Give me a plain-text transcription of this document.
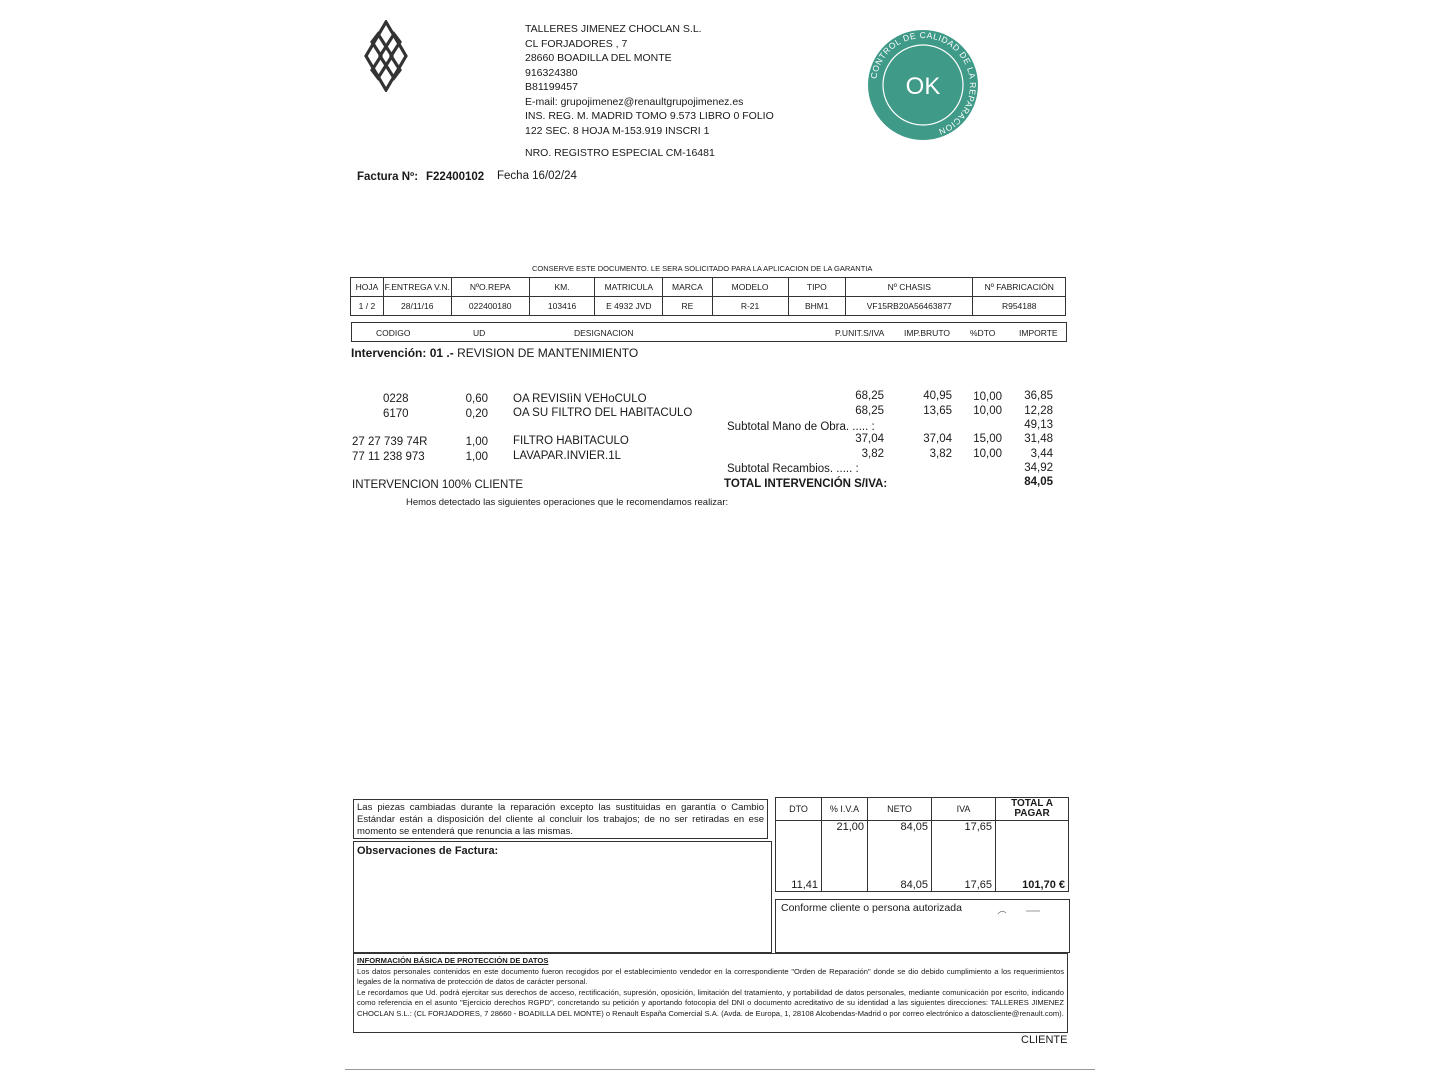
TALLERES JIMENEZ CHOCLAN S.L.
CL FORJADORES , 7
28660 BOADILLA DEL MONTE
916324380
B81199457
E-mail: grupojimenez@renaultgrupojimenez.es
INS. REG. M. MADRID TOMO 9.573 LIBRO 0 FOLIO
122 SEC. 8 HOJA M-153.919 INSCRI 1
NRO. REGISTRO ESPECIAL CM-16481
CONTROL DE CALIDAD DE LA REPARACION
OK
Factura Nº: F22400102 Fecha 16/02/24
CONSERVE ESTE DOCUMENTO. LE SERA SOLICITADO PARA LA APLICACION DE LA GARANTIA
HOJA	F.ENTREGA V.N.	NºO.REPA	KM.	MATRICULA	MARCA	MODELO	TIPO	Nº CHASIS	Nº FABRICACIÓN
1 / 2	28/11/16	022400180	103416	E 4932 JVD	RE	R-21	BHM1	VF15RB20A56463877	R954188
CODIGO	UD	DESIGNACION	P.UNIT.S/IVA IMP.BRUTO %DTO	IMPORTE
Intervención: 01 .- REVISION DE MANTENIMIENTO
0228	0,60 OA REVISIìN VEHoCULO	68,25	40,95	10,00	36,85
6170	0,20 OA SU FILTRO DEL HABITACULO	68,25	13,65	10,00	12,28
Subtotal Mano de Obra. ..... :	49,13
27 27 739 74R	1,00 FILTRO HABITACULO	37,04	37,04	15,00	31,48
77 11 238 973	1,00 LAVAPAR.INVIER.1L	3,82	3,82	10,00	3,44
Subtotal Recambios. ..... :	34,92
INTERVENCION 100% CLIENTE	TOTAL INTERVENCIÓN S/IVA:	84,05
Hemos detectado las siguientes operaciones que le recomendamos realizar:
Las piezas cambiadas durante la reparación excepto las sustituidas en garantía o Cambio Estándar están a disposición del cliente al concluir los trabajos; de no ser retiradas en ese momento se entenderá que renuncia a las mismas.
Observaciones de Factura:
DTO	% I.V.A	NETO	IVA	TOTAL A PAGAR
	21,00	84,05	17,65	
11,41		84,05	17,65	101,70 €
Conforme cliente o persona autorizada
INFORMACIÓN BÁSICA DE PROTECCIÓN DE DATOS
Los datos personales contenidos en este documento fueron recogidos por el establecimiento vendedor en la correspondiente "Orden de Reparación" donde se dio debido cumplimiento a los requerimientos legales de la normativa de protección de datos de carácter personal.
Le recordamos que Ud. podrá ejercitar sus derechos de acceso, rectificación, supresión, oposición, limitación del tratamiento, y portabilidad de datos personales, mediante comunicación por escrito, indicando como referencia en el asunto "Ejercicio derechos RGPD", concretando su petición y aportando fotocopia del DNI o documento acreditativo de su identidad a las siguientes direcciones: TALLERES JIMENEZ CHOCLAN S.L.: (CL FORJADORES, 7 28660 - BOADILLA DEL MONTE) o Renault España Comercial S.A. (Avda. de Europa, 1, 28108 Alcobendas-Madrid o por correo electrónico a datoscliente@renault.com).
CLIENTE
